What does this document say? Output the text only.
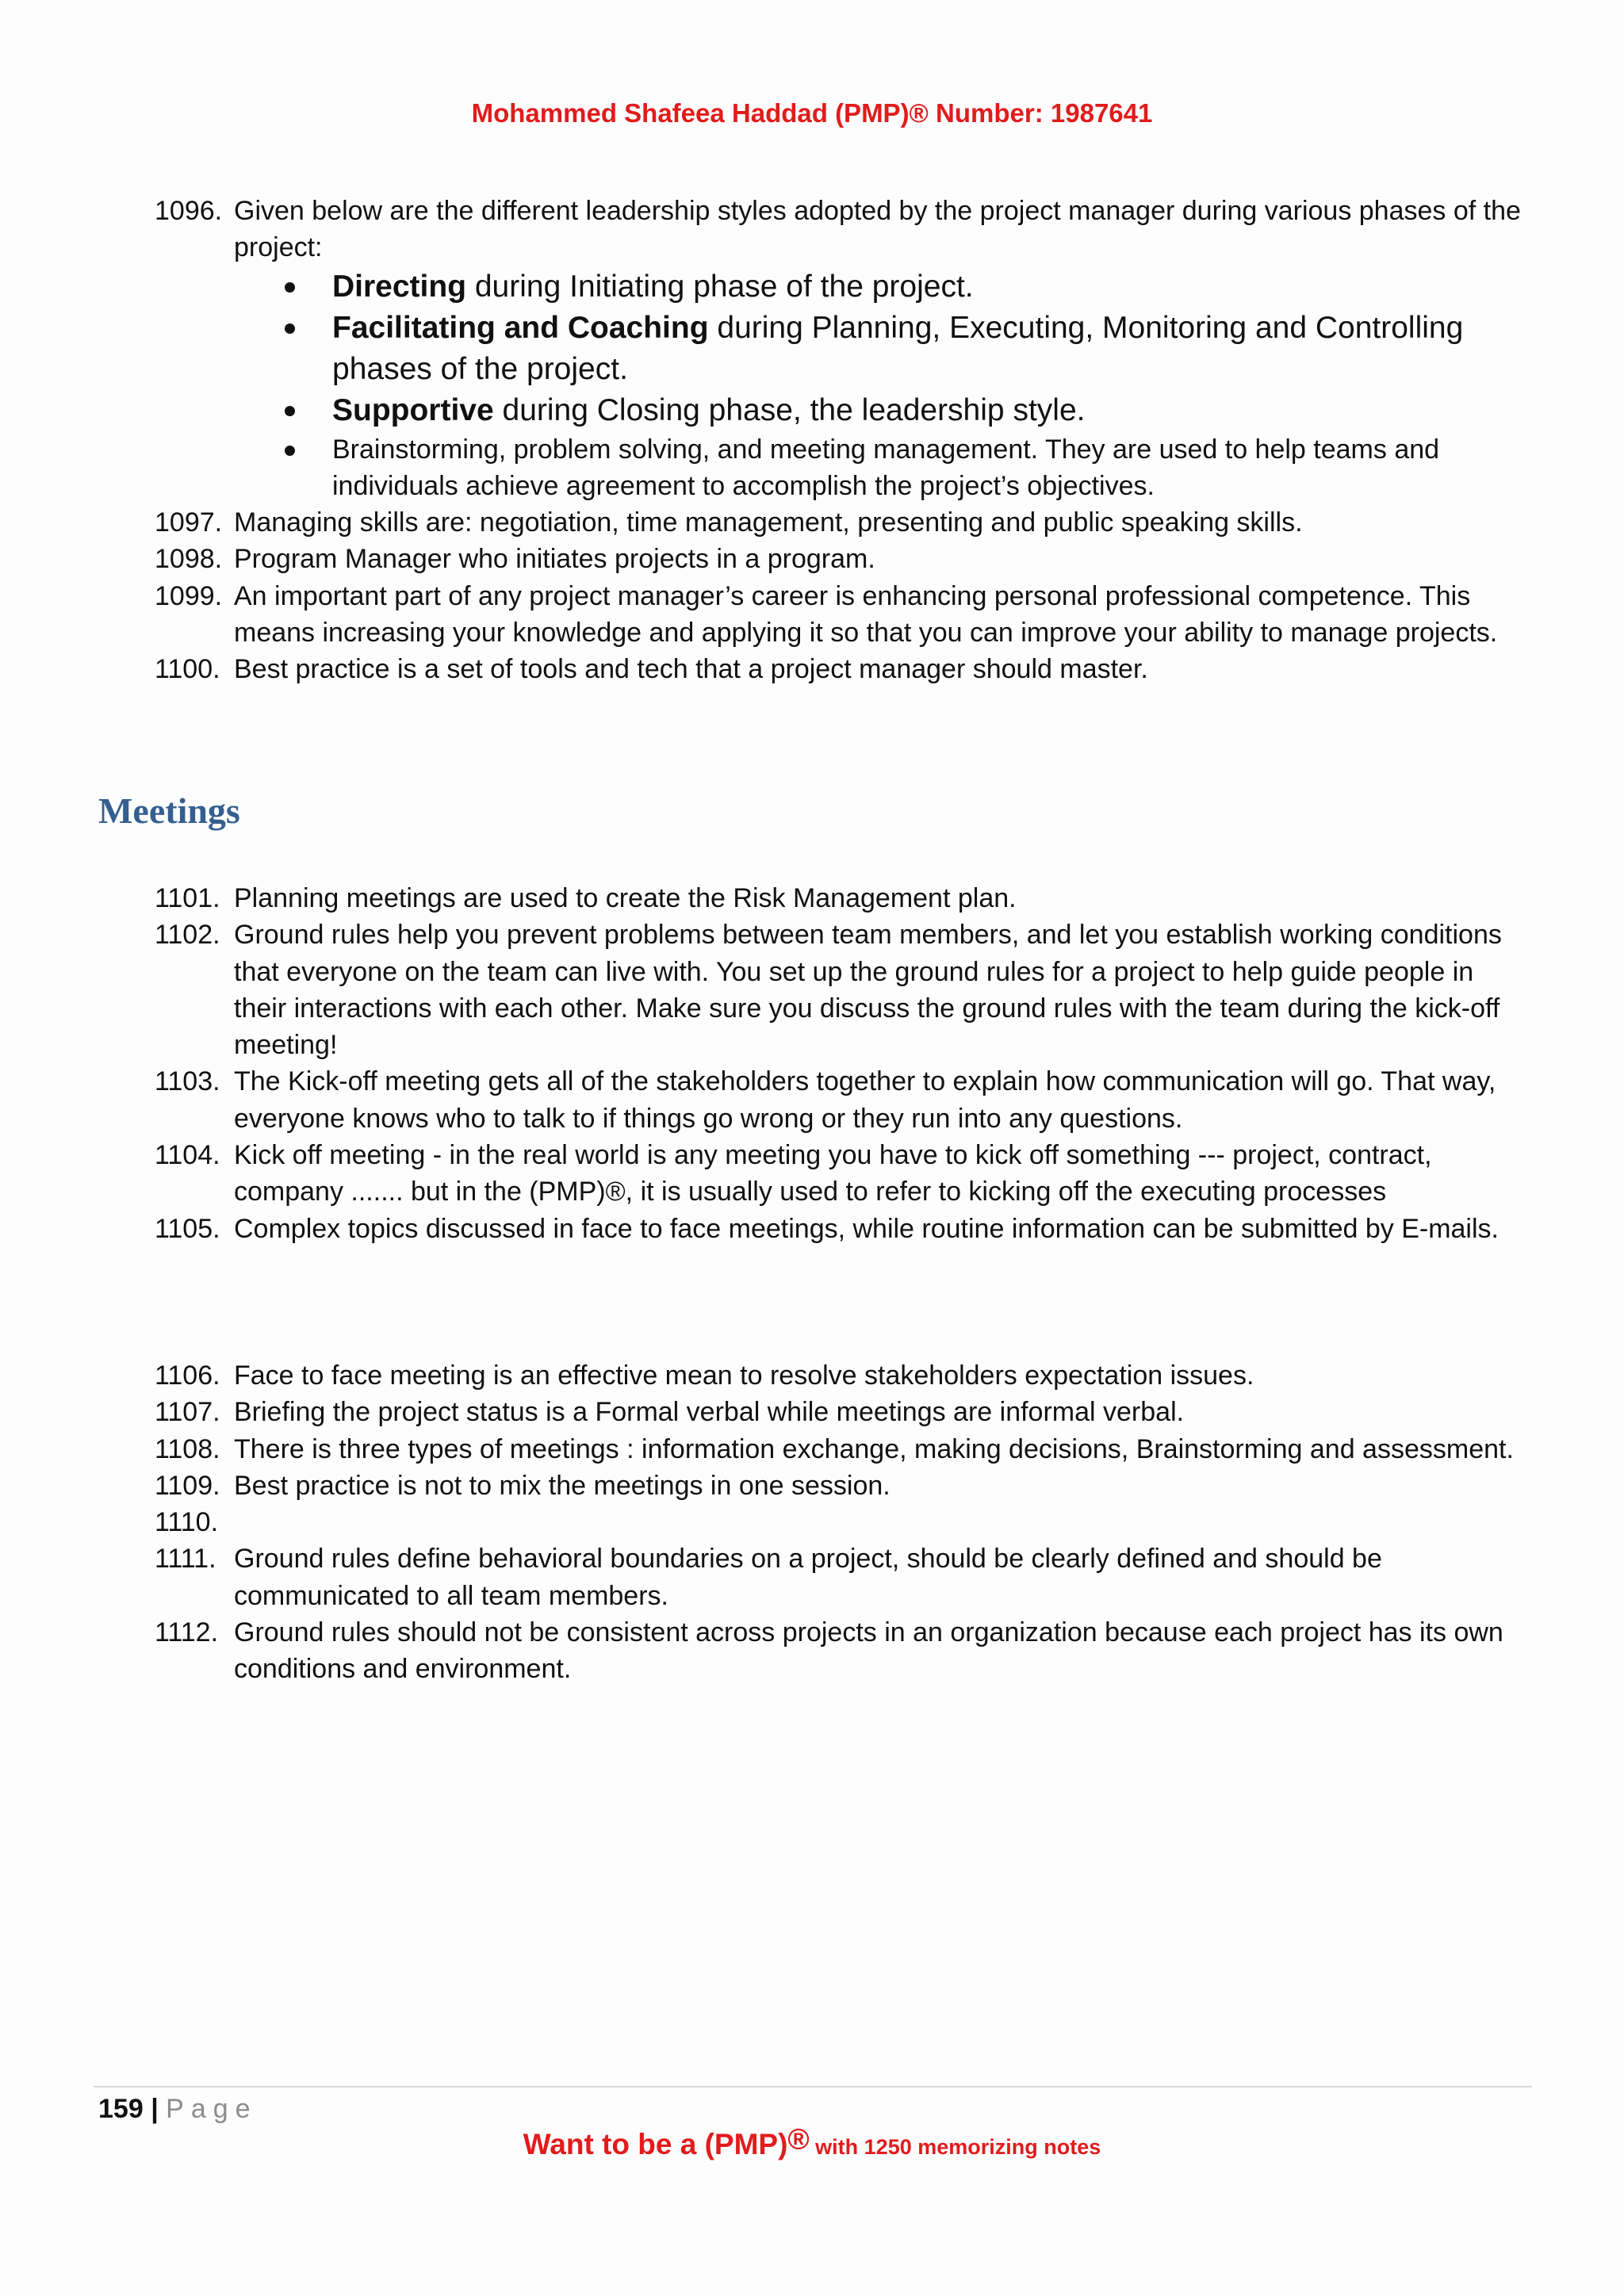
Mohammed Shafeea Haddad (PMP)® Number: 1987641
1096. Given below are the different leadership styles adopted by the project manager during various phases of the project:
Directing during Initiating phase of the project.
Facilitating and Coaching during Planning, Executing, Monitoring and Controlling phases of the project.
Supportive during Closing phase, the leadership style.
Brainstorming, problem solving, and meeting management. They are used to help teams and individuals achieve agreement to accomplish the project’s objectives.
1097. Managing skills are: negotiation, time management, presenting and public speaking skills.
1098. Program Manager who initiates projects in a program.
1099. An important part of any project manager’s career is enhancing personal professional competence. This means increasing your knowledge and applying it so that you can improve your ability to manage projects.
1100. Best practice is a set of tools and tech that a project manager should master.
Meetings
1101. Planning meetings are used to create the Risk Management plan.
1102. Ground rules help you prevent problems between team members, and let you establish working conditions that everyone on the team can live with. You set up the ground rules for a project to help guide people in their interactions with each other. Make sure you discuss the ground rules with the team during the kick-off meeting!
1103. The Kick-off meeting gets all of the stakeholders together to explain how communication will go. That way, everyone knows who to talk to if things go wrong or they run into any questions.
1104. Kick off meeting - in the real world is any meeting you have to kick off something --- project, contract, company ....... but in the (PMP)®, it is usually used to refer to kicking off the executing processes
1105. Complex topics discussed in face to face meetings, while routine information can be submitted by E-mails.
1106. Face to face meeting is an effective mean to resolve stakeholders expectation issues.
1107. Briefing the project status is a Formal verbal while meetings are informal verbal.
1108. There is three types of meetings : information exchange, making decisions, Brainstorming and assessment.
1109. Best practice is not to mix the meetings in one session.
1110.
1111. Ground rules define behavioral boundaries on a project, should be clearly defined and should be communicated to all team members.
1112. Ground rules should not be consistent across projects in an organization because each project has its own conditions and environment.
159 | Page
Want to be a (PMP)® with 1250 memorizing notes
